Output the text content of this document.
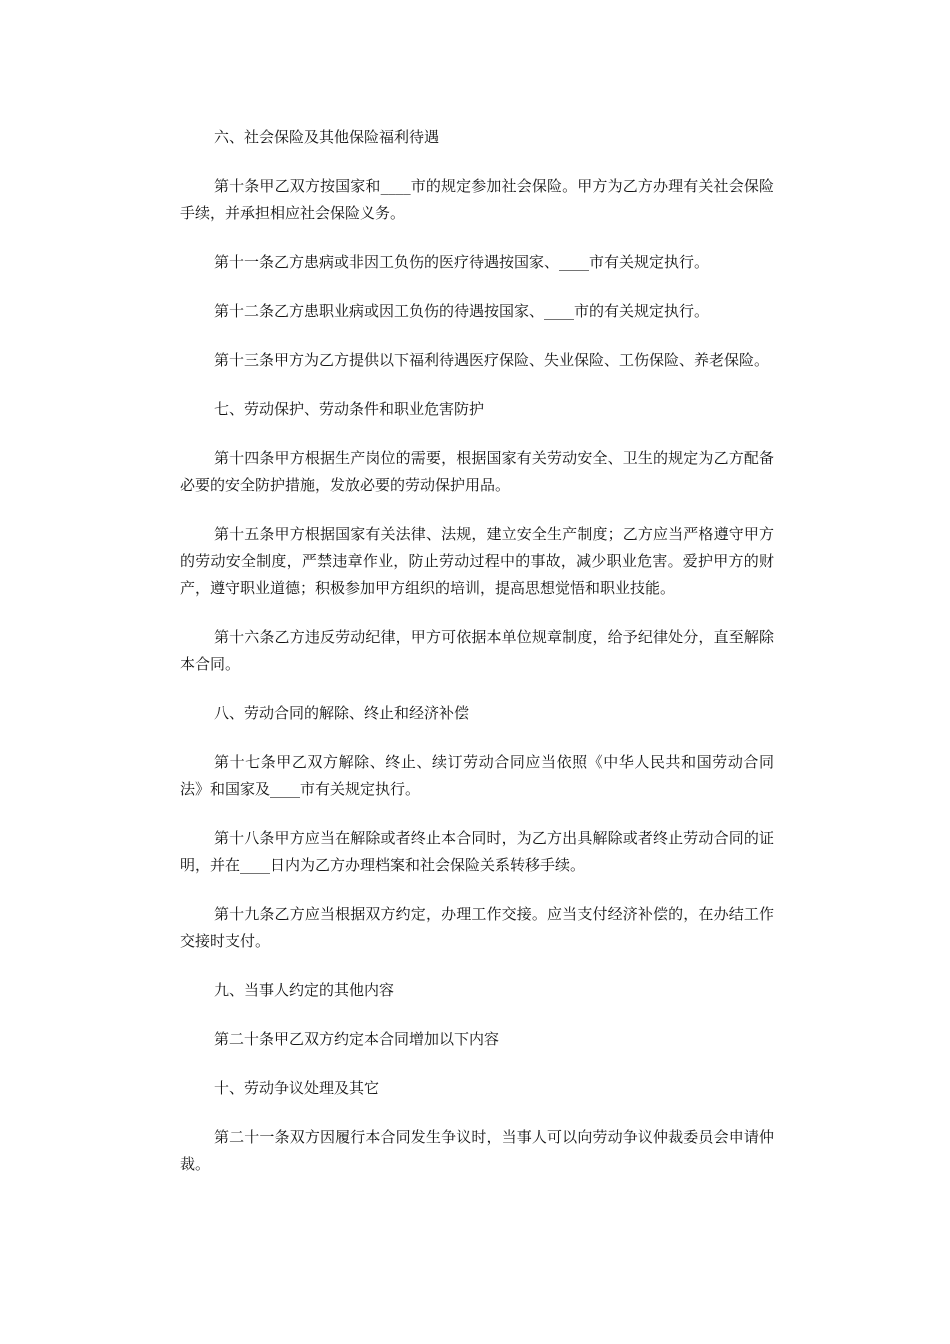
六、社会保险及其他保险福利待遇

第十条甲乙双方按国家和____市的规定参加社会保险。甲方为乙方办理有关社会保险手续，并承担相应社会保险义务。

第十一条乙方患病或非因工负伤的医疗待遇按国家、____市有关规定执行。

第十二条乙方患职业病或因工负伤的待遇按国家、____市的有关规定执行。

第十三条甲方为乙方提供以下福利待遇医疗保险、失业保险、工伤保险、养老保险。

七、劳动保护、劳动条件和职业危害防护

第十四条甲方根据生产岗位的需要，根据国家有关劳动安全、卫生的规定为乙方配备必要的安全防护措施，发放必要的劳动保护用品。

第十五条甲方根据国家有关法律、法规，建立安全生产制度；乙方应当严格遵守甲方的劳动安全制度，严禁违章作业，防止劳动过程中的事故，减少职业危害。爱护甲方的财产，遵守职业道德；积极参加甲方组织的培训，提高思想觉悟和职业技能。

第十六条乙方违反劳动纪律，甲方可依据本单位规章制度，给予纪律处分，直至解除本合同。

八、劳动合同的解除、终止和经济补偿

第十七条甲乙双方解除、终止、续订劳动合同应当依照《中华人民共和国劳动合同法》和国家及____市有关规定执行。

第十八条甲方应当在解除或者终止本合同时，为乙方出具解除或者终止劳动合同的证明，并在____日内为乙方办理档案和社会保险关系转移手续。

第十九条乙方应当根据双方约定，办理工作交接。应当支付经济补偿的，在办结工作交接时支付。

九、当事人约定的其他内容

第二十条甲乙双方约定本合同增加以下内容

十、劳动争议处理及其它

第二十一条双方因履行本合同发生争议时，当事人可以向劳动争议仲裁委员会申请仲裁。
